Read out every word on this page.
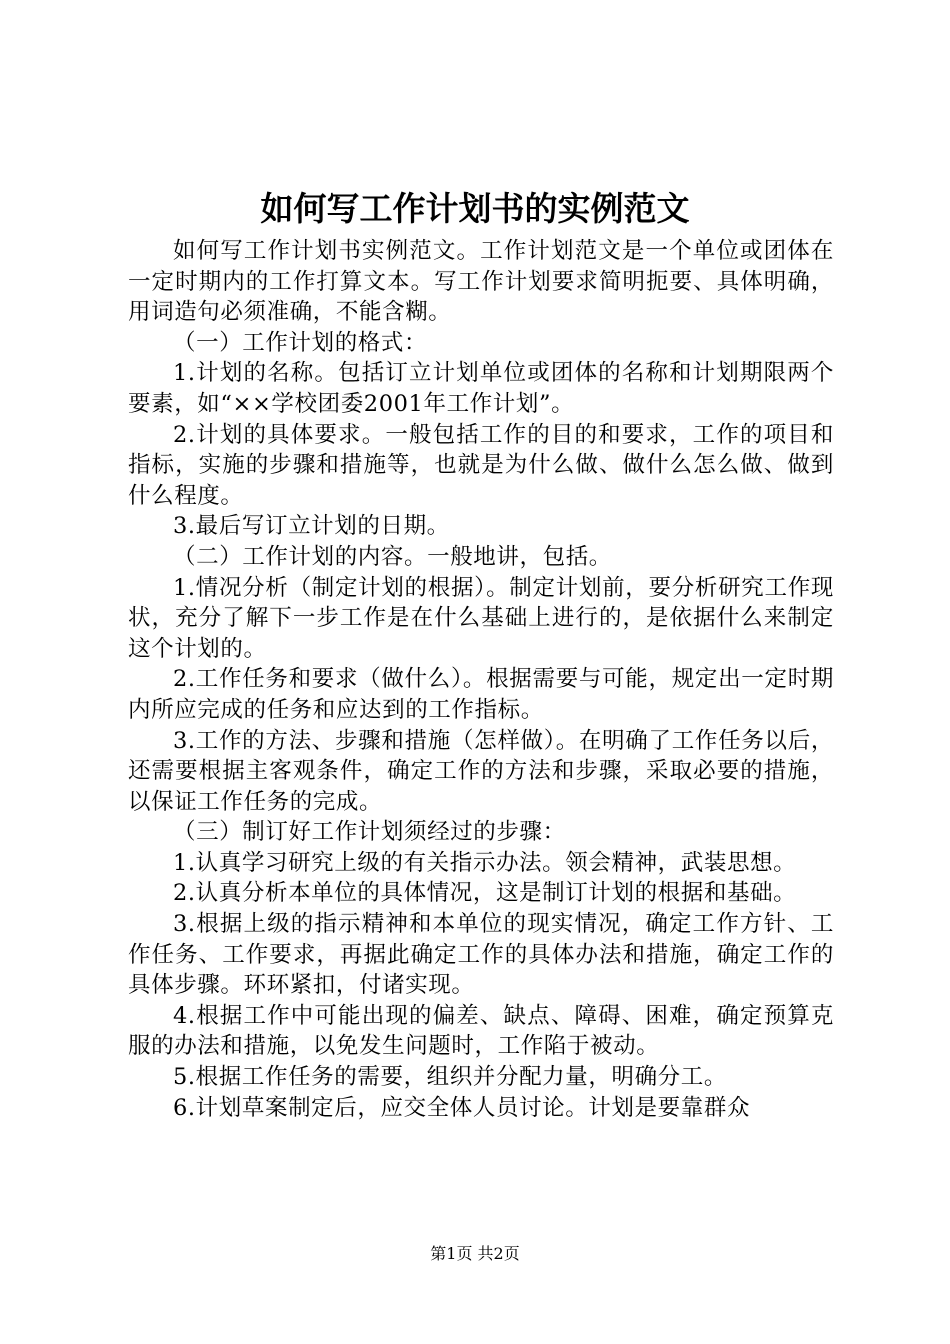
如何写工作计划书的实例范文

如何写工作计划书实例范文。工作计划范文是一个单位或团体在一定时期内的工作打算文本。写工作计划要求简明扼要、具体明确，用词造句必须准确，不能含糊。

（一）工作计划的格式：

1.计划的名称。包括订立计划单位或团体的名称和计划期限两个要素，如“××学校团委2001年工作计划”。

2.计划的具体要求。一般包括工作的目的和要求，工作的项目和指标，实施的步骤和措施等，也就是为什么做、做什么怎么做、做到什么程度。

3.最后写订立计划的日期。

（二）工作计划的内容。一般地讲，包括。

1.情况分析（制定计划的根据）。制定计划前，要分析研究工作现状，充分了解下一步工作是在什么基础上进行的，是依据什么来制定这个计划的。

2.工作任务和要求（做什么）。根据需要与可能，规定出一定时期内所应完成的任务和应达到的工作指标。

3.工作的方法、步骤和措施（怎样做）。在明确了工作任务以后，还需要根据主客观条件，确定工作的方法和步骤，采取必要的措施，以保证工作任务的完成。

（三）制订好工作计划须经过的步骤：

1.认真学习研究上级的有关指示办法。领会精神，武装思想。

2.认真分析本单位的具体情况，这是制订计划的根据和基础。

3.根据上级的指示精神和本单位的现实情况，确定工作方针、工作任务、工作要求，再据此确定工作的具体办法和措施，确定工作的具体步骤。环环紧扣，付诸实现。

4.根据工作中可能出现的偏差、缺点、障碍、困难，确定预算克服的办法和措施，以免发生问题时，工作陷于被动。

5.根据工作任务的需要，组织并分配力量，明确分工。

6.计划草案制定后，应交全体人员讨论。计划是要靠群众

第1页 共2页
